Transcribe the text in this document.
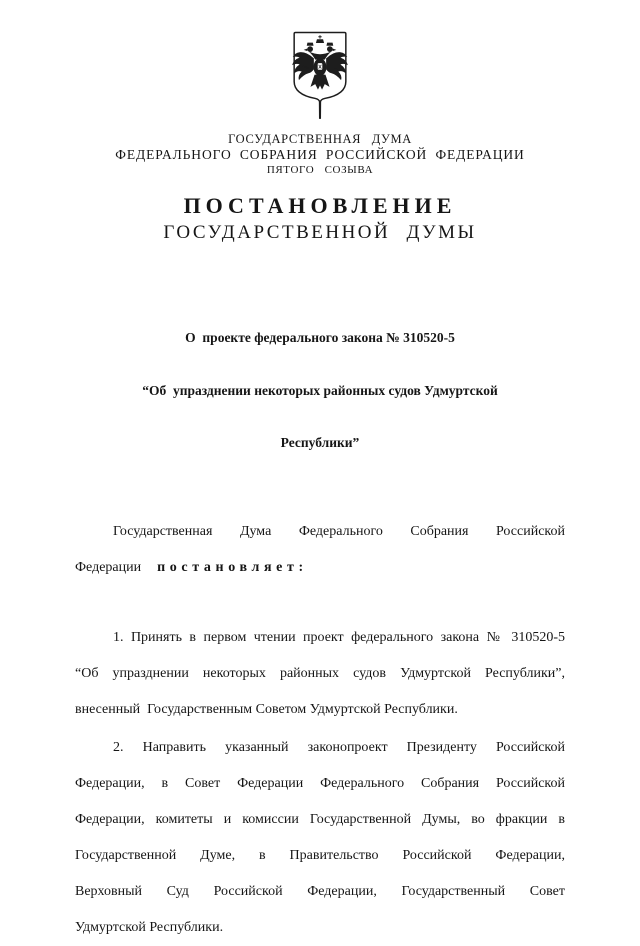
ГОСУДАРСТВЕННАЯ ДУМА
ФЕДЕРАЛЬНОГО СОБРАНИЯ РОССИЙСКОЙ ФЕДЕРАЦИИ
ПЯТОГО СОЗЫВА
ПОСТАНОВЛЕНИЕ
ГОСУДАРСТВЕННОЙ ДУМЫ

О  проекте федерального закона № 310520-5

“Об  упразднении некоторых районных судов Удмуртской

Республики”

Государственная Дума Федерального Собрания Российской
Федерации постановляет:
1. Принять в первом чтении проект федерального закона № 310520-5
“Об упразднении некоторых районных судов Удмуртской Республики”,
внесенный  Государственным Советом Удмуртской Республики.
2. Направить указанный законопроект Президенту Российской
Федерации, в Совет Федерации Федерального Собрания Российской
Федерации, комитеты и комиссии Государственной Думы, во фракции в
Государственной Думе, в Правительство Российской Федерации,
Верховный Суд Российской Федерации, Государственный Совет
Удмуртской Республики.
